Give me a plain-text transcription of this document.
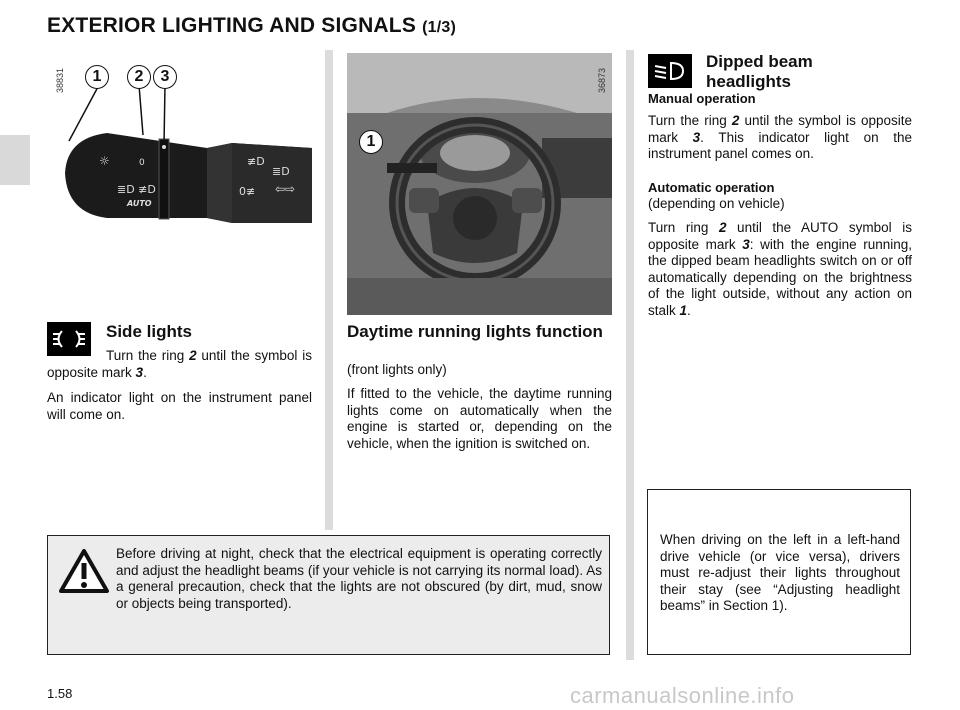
EXTERIOR LIGHTING AND SIGNALS (1/3)
☼	0	≢D
≣D
⇦⇨
≣D ≢D
AUTO
0≢
38831	1	2	3	36873
1
Side lights
Turn the ring 2 until the symbol is opposite mark 3.
An indicator light on the instrument panel will come on.
Daytime running lights function
(front lights only)
If fitted to the vehicle, the daytime running lights come on automatically when the engine is started or, depending on the vehicle, when the ignition is switched on.
Dipped beam headlights
Manual operation
Turn the ring 2 until the symbol is opposite mark 3. This indicator light on the instrument panel comes on.
Automatic operation
(depending on vehicle)
Turn ring 2 until the AUTO symbol is opposite mark 3: with the engine running, the dipped beam headlights switch on or off automatically depending on the brightness of the light outside, without any action on stalk 1.
When driving on the left in a left-hand drive vehicle (or vice versa), drivers must re-adjust their lights throughout their stay (see “Adjusting headlight beams” in Section 1).
Before driving at night, check that the electrical equipment is operating correctly and adjust the headlight beams (if your vehicle is not carrying its normal load). As a general precaution, check that the lights are not obscured (by dirt, mud, snow or objects being transported).
1.58	carmanualsonline.info
